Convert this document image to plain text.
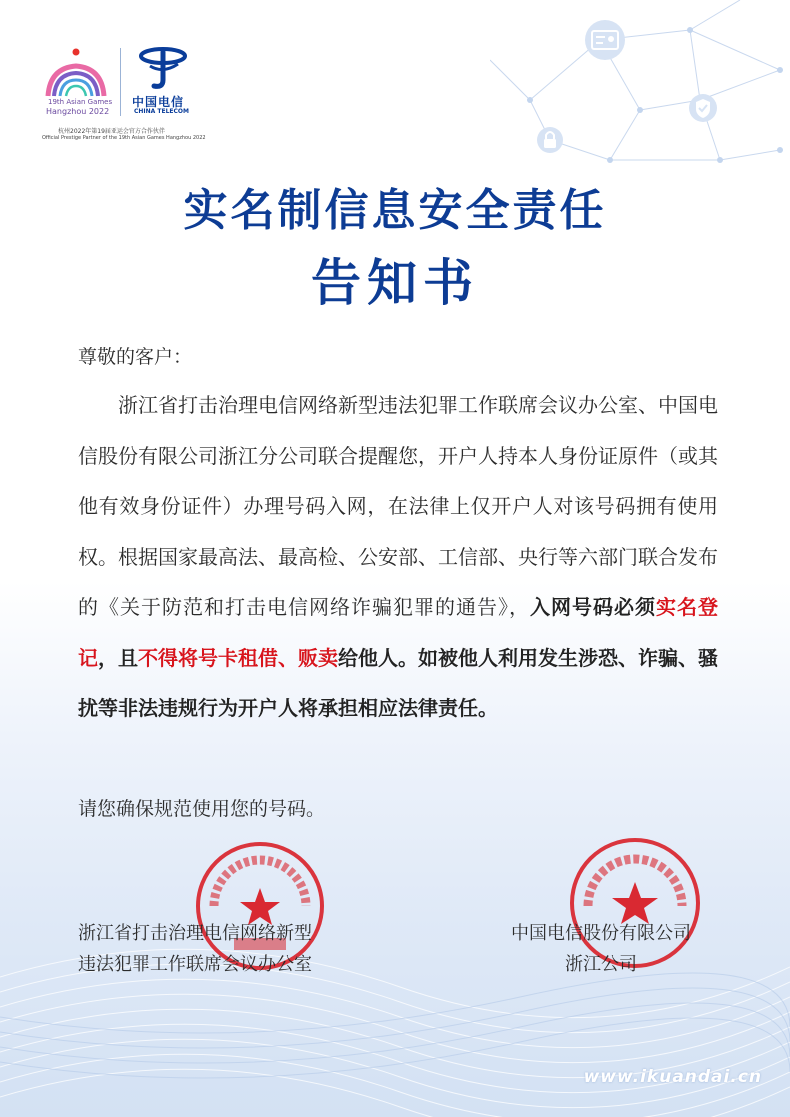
19th Asian Games
Hangzhou 2022
中国电信
CHINA TELECOM
杭州2022年第19届亚运会官方合作伙伴
Official Prestige Partner of the 19th Asian Games Hangzhou 2022
实名制信息安全责任
告知书
尊敬的客户：
浙江省打击治理电信网络新型违法犯罪工作联席会议办公室、中国电信股份有限公司浙江分公司联合提醒您，开户人持本人身份证原件（或其他有效身份证件）办理号码入网，在法律上仅开户人对该号码拥有使用权。根据国家最高法、最高检、公安部、工信部、央行等六部门联合发布的《关于防范和打击电信网络诈骗犯罪的通告》，入网号码必须实名登记，且不得将号卡租借、贩卖给他人。如被他人利用发生涉恐、诈骗、骚扰等非法违规行为开户人将承担相应法律责任。
请您确保规范使用您的号码。
浙江省打击治理电信网络新型
违法犯罪工作联席会议办公室
中国电信股份有限公司
浙江公司
www.ikuandai.cn
